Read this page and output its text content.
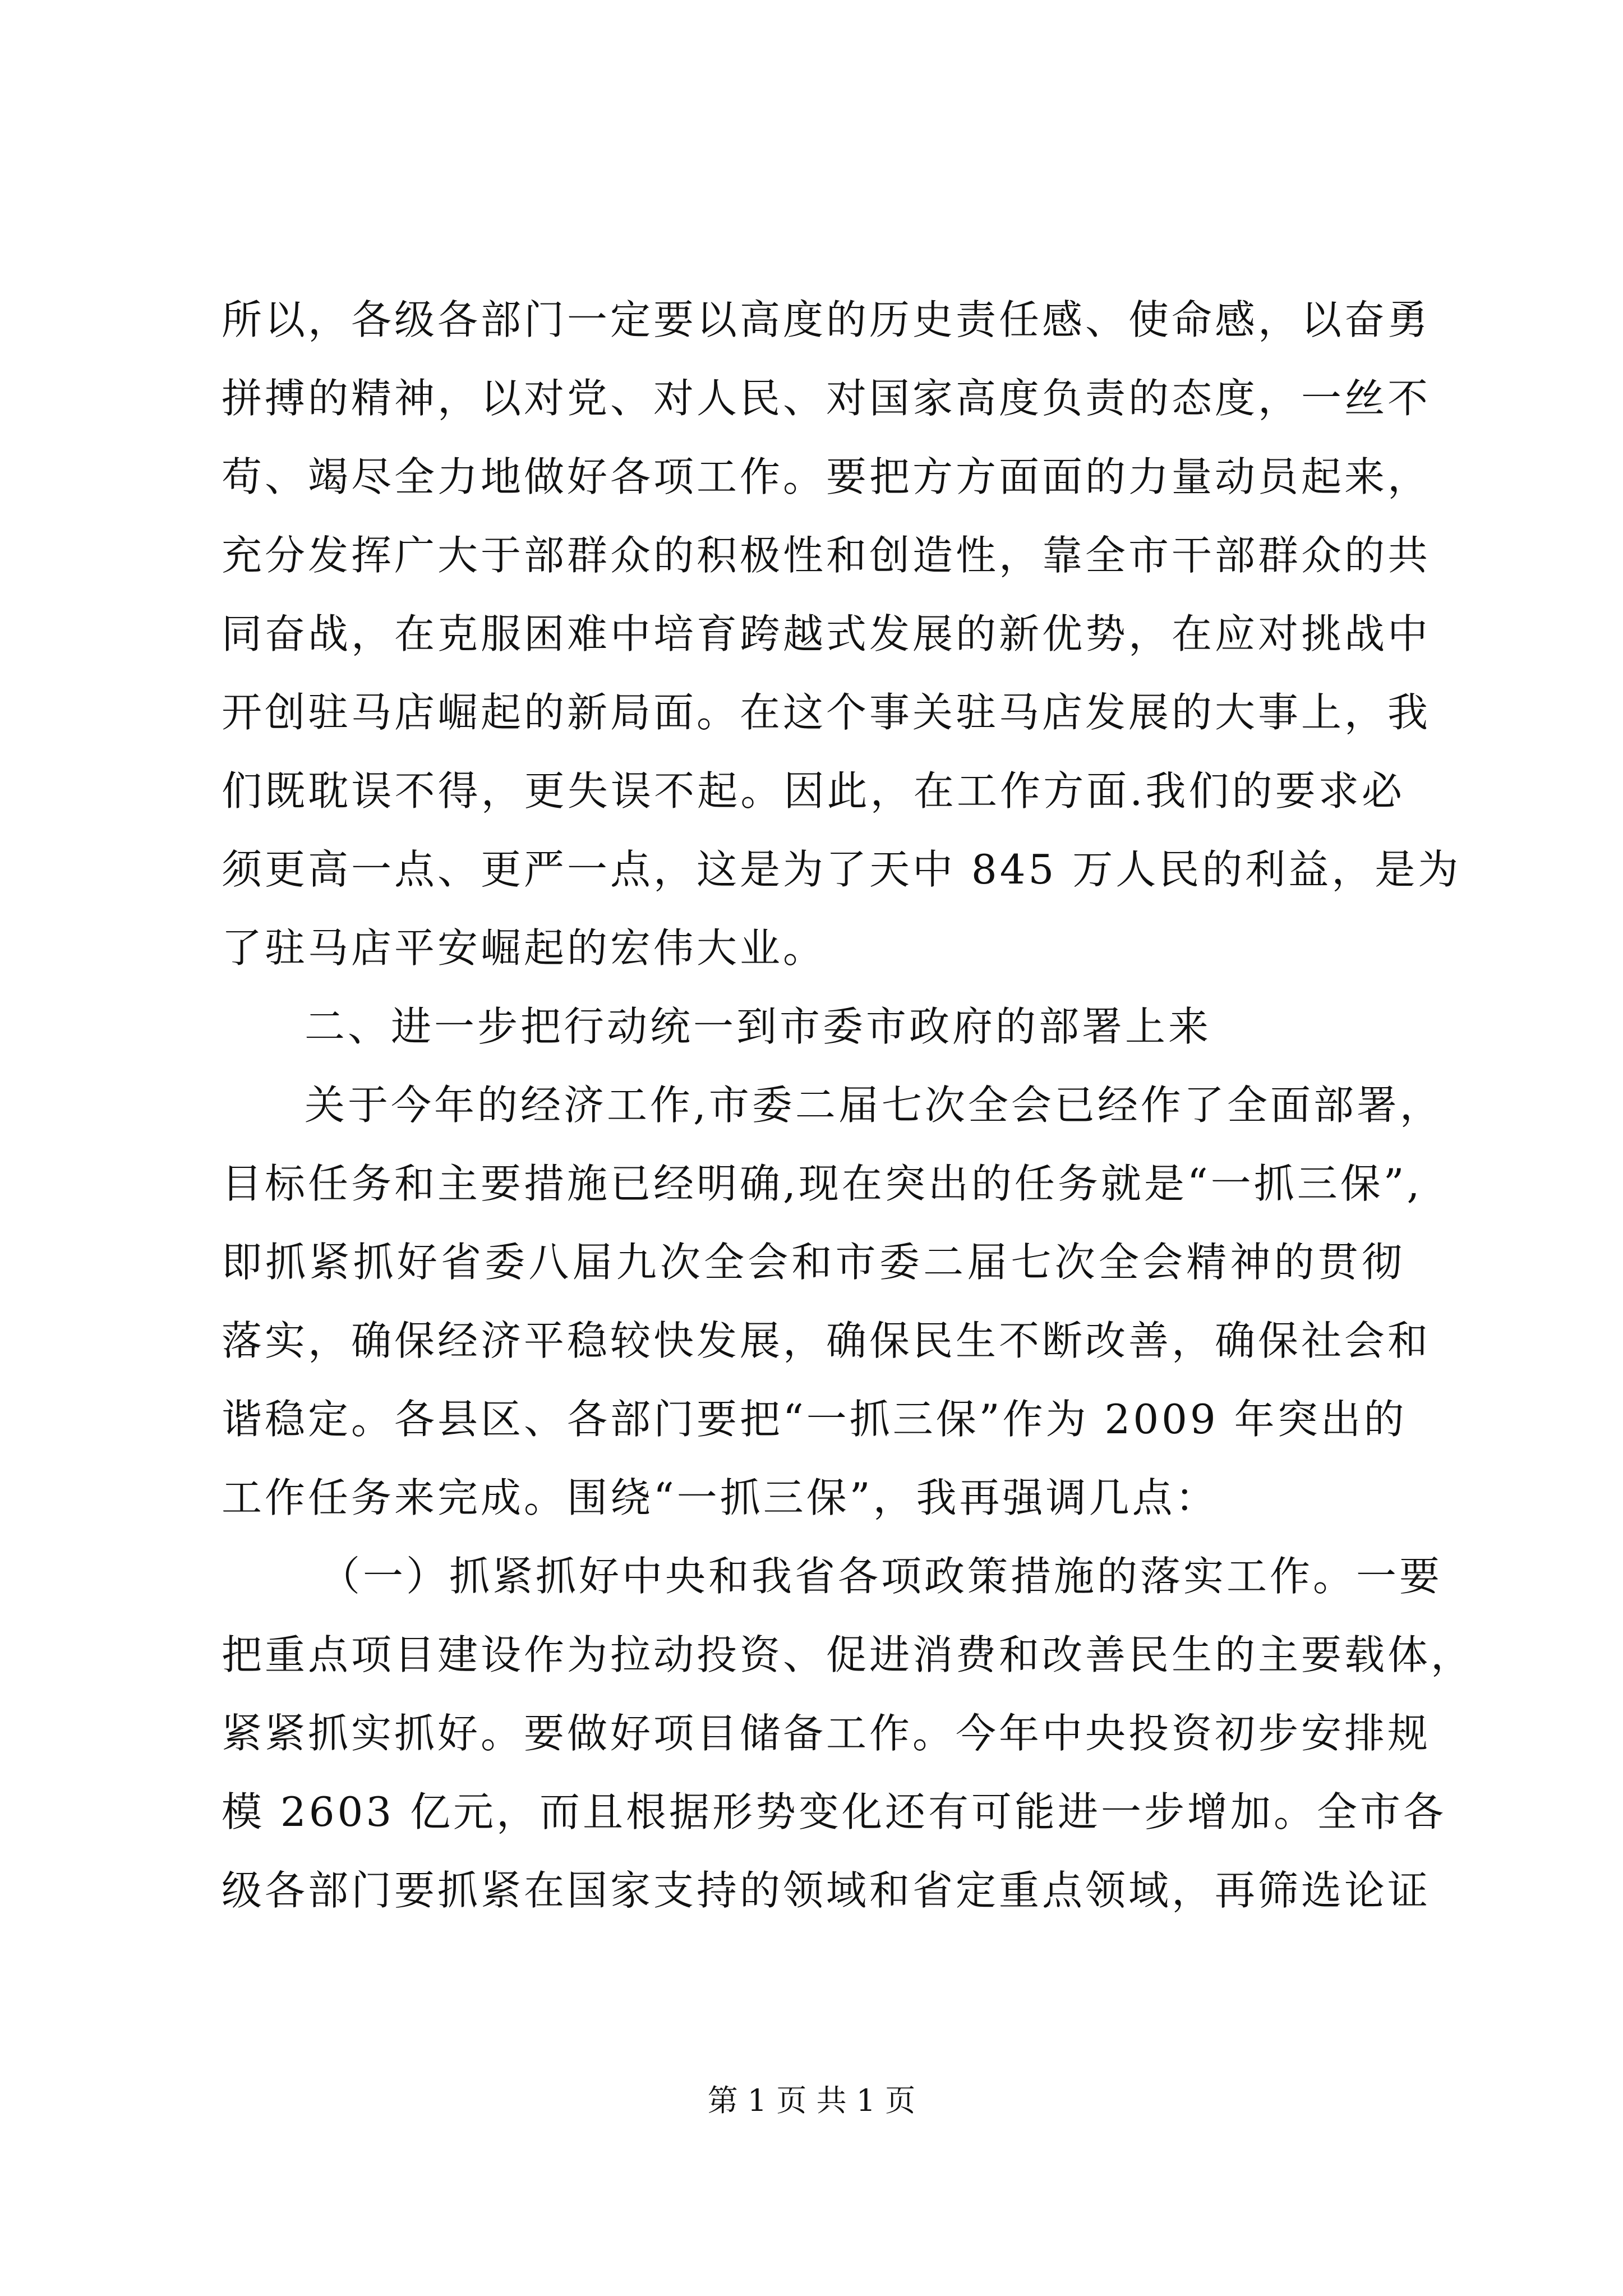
所以，各级各部门一定要以高度的历史责任感、使命感，以奋勇
拼搏的精神，以对党、对人民、对国家高度负责的态度，一丝不
苟、竭尽全力地做好各项工作。要把方方面面的力量动员起来，
充分发挥广大于部群众的积极性和创造性，靠全市干部群众的共
同奋战，在克服困难中培育跨越式发展的新优势，在应对挑战中
开创驻马店崛起的新局面。在这个事关驻马店发展的大事上，我
们既耽误不得，更失误不起。因此，在工作方面.我们的要求必
须更高一点、更严一点，这是为了天中 845 万人民的利益，是为
了驻马店平安崛起的宏伟大业。
二、进一步把行动统一到市委市政府的部署上来
关于今年的经济工作,市委二届七次全会已经作了全面部署，
目标任务和主要措施已经明确,现在突出的任务就是“一抓三保”,
即抓紧抓好省委八届九次全会和市委二届七次全会精神的贯彻
落实，确保经济平稳较快发展，确保民生不断改善，确保社会和
谐稳定。各县区、各部门要把“一抓三保”作为 2009 年突出的
工作任务来完成。围绕“一抓三保”，我再强调几点：
（一）抓紧抓好中央和我省各项政策措施的落实工作。一要
把重点项目建设作为拉动投资、促进消费和改善民生的主要载体，
紧紧抓实抓好。要做好项目储备工作。今年中央投资初步安排规
模 2603 亿元，而且根据形势变化还有可能进一步增加。全市各
级各部门要抓紧在国家支持的领域和省定重点领域，再筛选论证
第 1 页 共 1 页
